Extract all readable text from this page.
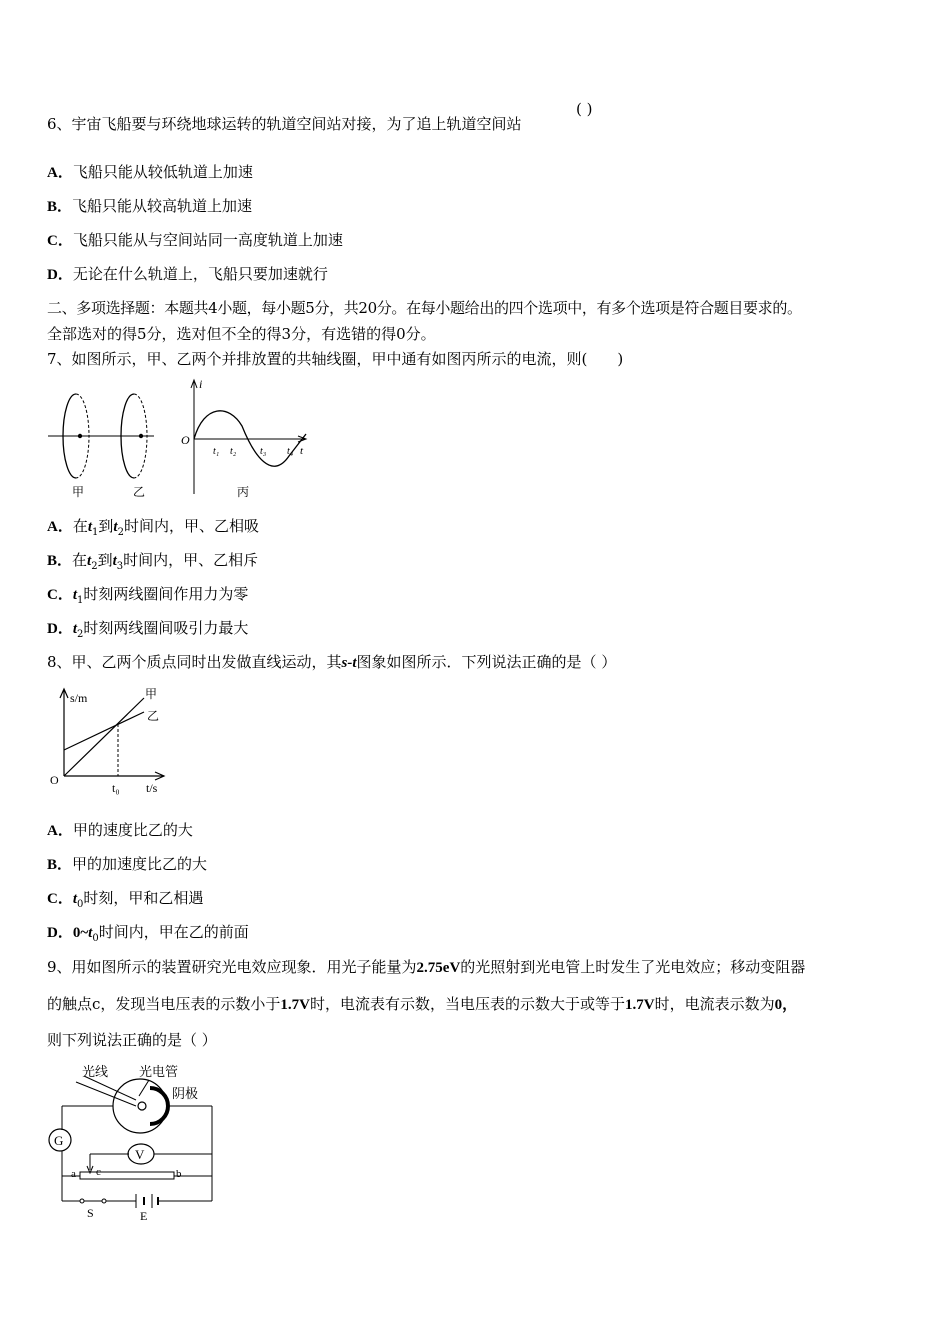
6、宇宙飞船要与环绕地球运转的轨道空间站对接，为了追上轨道空间站
( )
A．飞船只能从较低轨道上加速
B．飞船只能从较高轨道上加速
C．飞船只能从与空间站同一高度轨道上加速
D．无论在什么轨道上，飞船只要加速就行
二、多项选择题：本题共4小题，每小题5分，共20分。在每小题给出的四个选项中，有多个选项是符合题目要求的。
全部选对的得5分，选对但不全的得3分，有选错的得0分。
7、如图所示，甲、乙两个并排放置的共轴线圈，甲中通有如图丙所示的电流，则(　　)
甲	乙
i
O
t₁ t₂ t₃ t₄ t
丙
A．在$t_1$到$t_2$时间内，甲、乙相吸
B．在$t_2$到$t_3$时间内，甲、乙相斥
C．$t_1$时刻两线圈间作用力为零
D．$t_2$时刻两线圈间吸引力最大
8、甲、乙两个质点同时出发做直线运动，其s-t图象如图所示．下列说法正确的是（ ）
s/m	甲
乙
O
t₀ t/s
A．甲的速度比乙的大
B．甲的加速度比乙的大
C．$t_0$时刻，甲和乙相遇
D．$0\sim t_0$时间内，甲在乙的前面
9、用如图所示的装置研究光电效应现象．用光子能量为2.75eV的光照射到光电管上时发生了光电效应；移动变阻器
的触点c，发现当电压表的示数小于1.7V时，电流表有示数，当电压表的示数大于或等于1.7V时，电流表示数为0，
则下列说法正确的是（ ）
光线 光电管
阴极
G
V
a c	b
S	E
